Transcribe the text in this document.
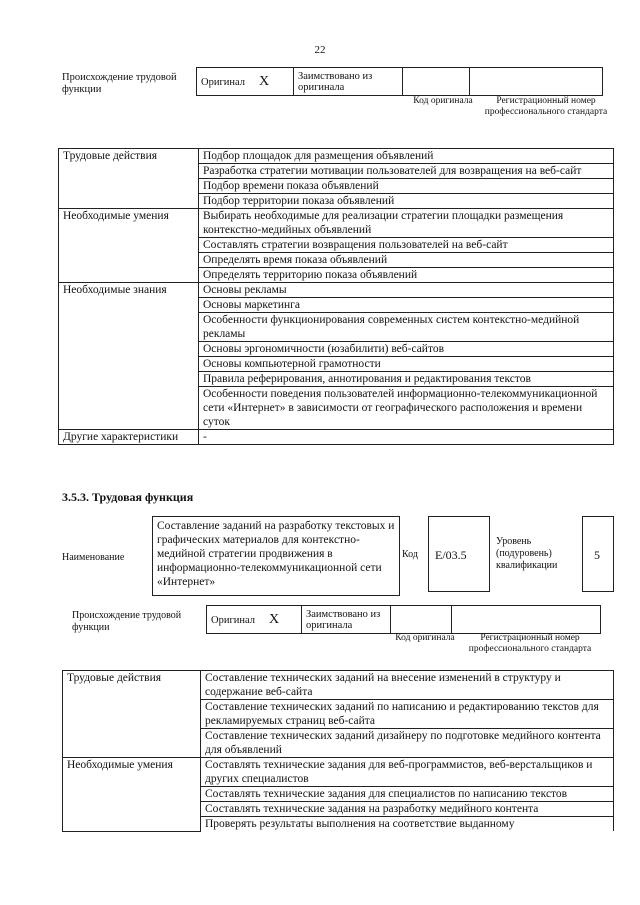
22
Происхождение трудовой функции
Оригинал X	Заимствовано из оригинала		
Код оригинала	Регистрационный номер профессионального стандарта
Трудовые действия	Подбор площадок для размещения объявлений
	Разработка стратегии мотивации пользователей для возвращения на веб-сайт
	Подбор времени показа объявлений
	Подбор территории показа объявлений
Необходимые умения	Выбирать необходимые для реализации стратегии площадки размещения контекстно-медийных объявлений
	Составлять стратегии возвращения пользователей на веб-сайт
	Определять время показа объявлений
	Определять территорию показа объявлений
Необходимые знания	Основы рекламы
	Основы маркетинга
	Особенности функционирования современных систем контекстно-медийной рекламы
	Основы эргономичности (юзабилити) веб-сайтов
	Основы компьютерной грамотности
	Правила реферирования, аннотирования и редактирования текстов
	Особенности поведения пользователей информационно-телекоммуникационной сети «Интернет» в зависимости от географического расположения и времени суток
Другие характеристики	-
3.5.3. Трудовая функция
Наименование
Составление заданий на разработку текстовых и графических материалов для контекстно-медийной стратегии продвижения в информационно-телекоммуникационной сети «Интернет»
Код E/03.5
Уровень (подуровень) квалификации
5
Происхождение трудовой функции
Оригинал X	Заимствовано из оригинала		
Код оригинала	Регистрационный номер профессионального стандарта
Трудовые действия	Составление технических заданий на внесение изменений в структуру и содержание веб-сайта
	Составление технических заданий по написанию и редактированию текстов для рекламируемых страниц веб-сайта
	Составление технических заданий дизайнеру по подготовке медийного контента для объявлений
Необходимые умения	Составлять технические задания для веб-программистов, веб-верстальщиков и других специалистов
	Составлять технические задания для специалистов по написанию текстов
	Составлять технические задания на разработку медийного контента
	Проверять результаты выполнения на соответствие выданному
